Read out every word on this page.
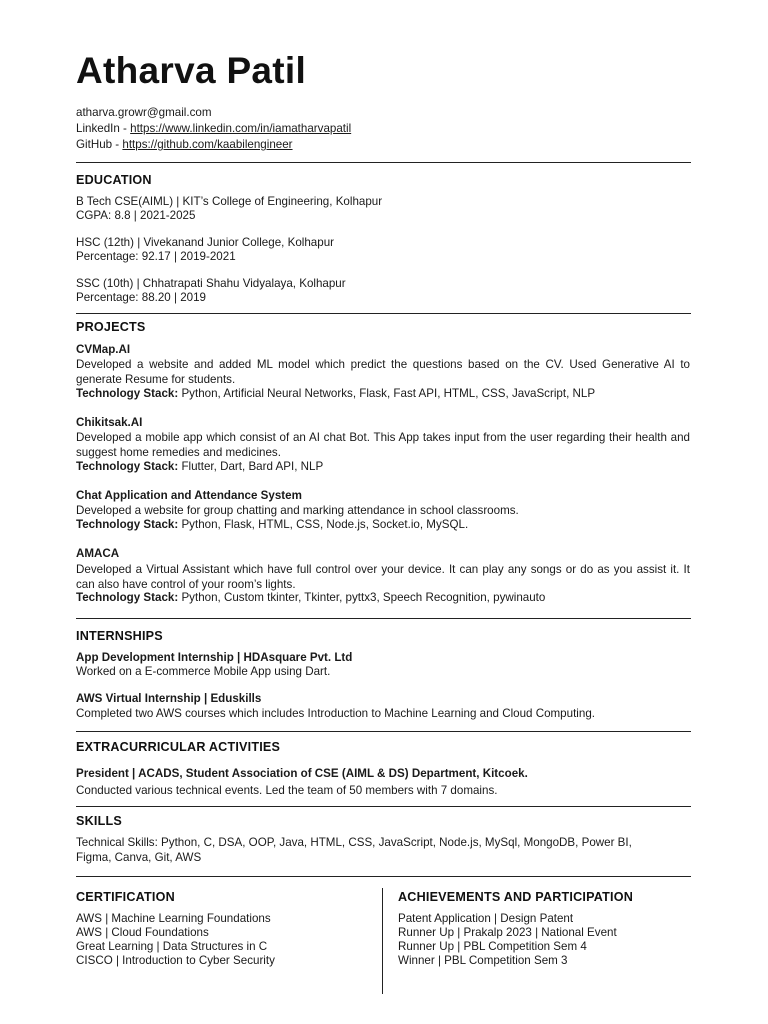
Atharva Patil
atharva.growr@gmail.com
LinkedIn - https://www.linkedin.com/in/iamatharvapatil
GitHub - https://github.com/kaabilengineer
EDUCATION
B Tech CSE(AIML) | KIT’s College of Engineering, Kolhapur
CGPA: 8.8 | 2021-2025
HSC (12th) | Vivekanand Junior College, Kolhapur
Percentage: 92.17 | 2019-2021
SSC (10th) | Chhatrapati Shahu Vidyalaya, Kolhapur
Percentage: 88.20 | 2019
PROJECTS
CVMap.AI
Developed a website and added ML model which predict the questions based on the CV. Used Generative AI to generate Resume for students.
Technology Stack: Python, Artificial Neural Networks, Flask, Fast API, HTML, CSS, JavaScript, NLP
Chikitsak.AI
Developed a mobile app which consist of an AI chat Bot. This App takes input from the user regarding their health and suggest home remedies and medicines.
Technology Stack: Flutter, Dart, Bard API, NLP
Chat Application and Attendance System
Developed a website for group chatting and marking attendance in school classrooms.
Technology Stack: Python, Flask, HTML, CSS, Node.js, Socket.io, MySQL.
AMACA
Developed a Virtual Assistant which have full control over your device. It can play any songs or do as you assist it. It can also have control of your room’s lights.
Technology Stack: Python, Custom tkinter, Tkinter, pyttx3, Speech Recognition, pywinauto
INTERNSHIPS
App Development Internship | HDAsquare Pvt. Ltd
Worked on a E-commerce Mobile App using Dart.
AWS Virtual Internship | Eduskills
Completed two AWS courses which includes Introduction to Machine Learning and Cloud Computing.
EXTRACURRICULAR ACTIVITIES
President | ACADS, Student Association of CSE (AIML & DS) Department, Kitcoek.
Conducted various technical events. Led the team of 50 members with 7 domains.
SKILLS
Technical Skills: Python, C, DSA, OOP, Java, HTML, CSS, JavaScript, Node.js, MySql, MongoDB, Power BI,
Figma, Canva, Git, AWS
CERTIFICATION
AWS | Machine Learning Foundations
AWS | Cloud Foundations
Great Learning | Data Structures in C
CISCO | Introduction to Cyber Security
ACHIEVEMENTS AND PARTICIPATION
Patent Application | Design Patent
Runner Up | Prakalp 2023 | National Event
Runner Up | PBL Competition Sem 4
Winner | PBL Competition Sem 3
